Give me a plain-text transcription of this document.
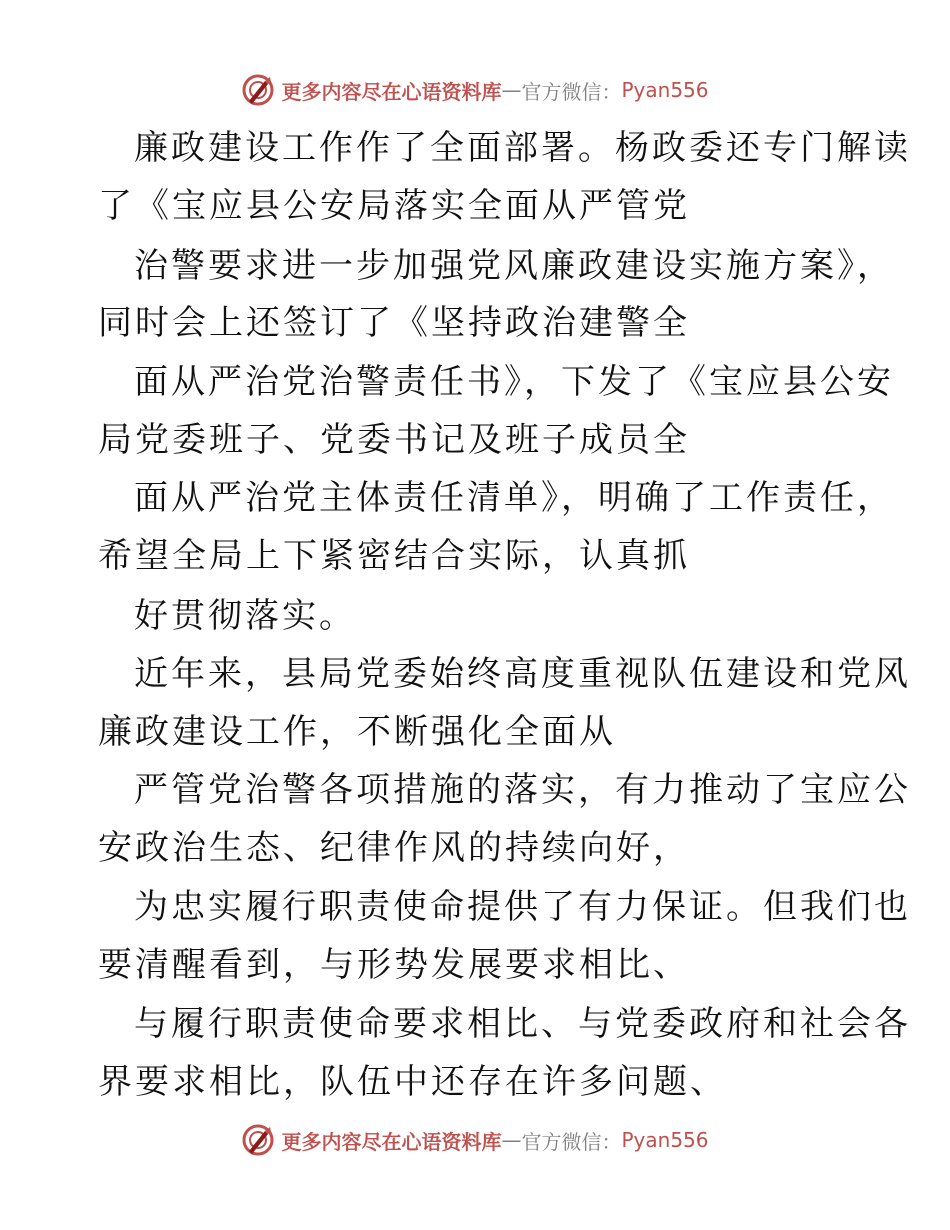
更多内容尽在心语资料库 — 官方微信： Pyan556
廉政建设工作作了全面部署。杨政委还专门解读
了《宝应县公安局落实全面从严管党
治警要求进一步加强党风廉政建设实施方案》，
同时会上还签订了《坚持政治建警全
面从严治党治警责任书》，下发了《宝应县公安
局党委班子、党委书记及班子成员全
面从严治党主体责任清单》，明确了工作责任，
希望全局上下紧密结合实际，认真抓
好贯彻落实。
近年来，县局党委始终高度重视队伍建设和党风
廉政建设工作，不断强化全面从
严管党治警各项措施的落实，有力推动了宝应公
安政治生态、纪律作风的持续向好，
为忠实履行职责使命提供了有力保证。但我们也
要清醒看到，与形势发展要求相比、
与履行职责使命要求相比、与党委政府和社会各
界要求相比，队伍中还存在许多问题、
更多内容尽在心语资料库 — 官方微信： Pyan556
